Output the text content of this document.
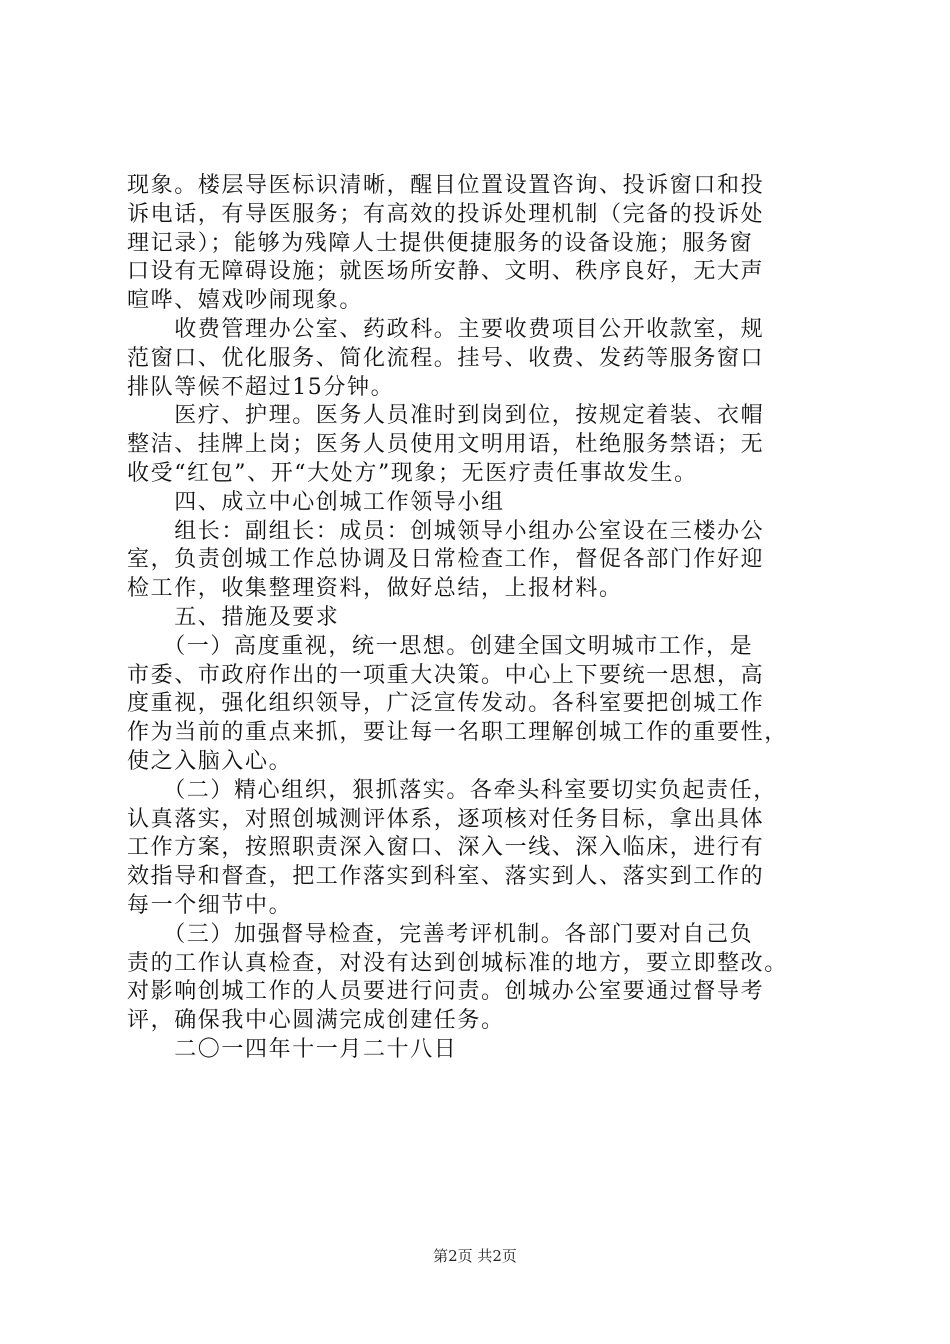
现象。楼层导医标识清晰，醒目位置设置咨询、投诉窗口和投
诉电话，有导医服务；有高效的投诉处理机制（完备的投诉处
理记录）；能够为残障人士提供便捷服务的设备设施；服务窗
口设有无障碍设施；就医场所安静、文明、秩序良好，无大声
喧哗、嬉戏吵闹现象。
　　收费管理办公室、药政科。主要收费项目公开收款室，规
范窗口、优化服务、简化流程。挂号、收费、发药等服务窗口
排队等候不超过15分钟。
　　医疗、护理。医务人员准时到岗到位，按规定着装、衣帽
整洁、挂牌上岗；医务人员使用文明用语，杜绝服务禁语；无
收受“红包”、开“大处方”现象；无医疗责任事故发生。
　　四、成立中心创城工作领导小组
　　组长：副组长：成员：创城领导小组办公室设在三楼办公
室，负责创城工作总协调及日常检查工作，督促各部门作好迎
检工作，收集整理资料，做好总结，上报材料。
　　五、措施及要求
　　（一）高度重视，统一思想。创建全国文明城市工作，是
市委、市政府作出的一项重大决策。中心上下要统一思想，高
度重视，强化组织领导，广泛宣传发动。各科室要把创城工作
作为当前的重点来抓，要让每一名职工理解创城工作的重要性，
使之入脑入心。
　　（二）精心组织，狠抓落实。各牵头科室要切实负起责任，
认真落实，对照创城测评体系，逐项核对任务目标，拿出具体
工作方案，按照职责深入窗口、深入一线、深入临床，进行有
效指导和督查，把工作落实到科室、落实到人、落实到工作的
每一个细节中。
　　（三）加强督导检查，完善考评机制。各部门要对自己负
责的工作认真检查，对没有达到创城标准的地方，要立即整改。
对影响创城工作的人员要进行问责。创城办公室要通过督导考
评，确保我中心圆满完成创建任务。
　　二〇一四年十一月二十八日
第2页 共2页
